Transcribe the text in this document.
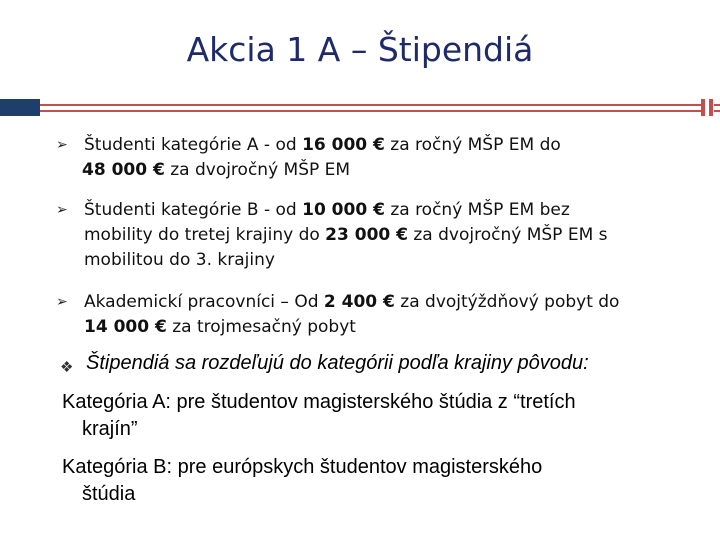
Akcia 1 A – Štipendiá
➢ Študenti kategórie A - od 16 000 € za ročný MŠP EM do
48 000 € za dvojročný MŠP EM
➢ Študenti kategórie B - od 10 000 € za ročný MŠP EM bez
mobility do tretej krajiny do 23 000 € za dvojročný MŠP EM s
mobilitou do 3. krajiny
➢ Akademickí pracovníci – Od 2 400 € za dvojtýždňový pobyt do
14 000 € za trojmesačný pobyt
❖ Štipendiá sa rozdeľujú do kategórii podľa krajiny pôvodu:
Kategória A: pre študentov magisterského štúdia z “tretích
krajín”
Kategória B: pre európskych študentov magisterského
štúdia
